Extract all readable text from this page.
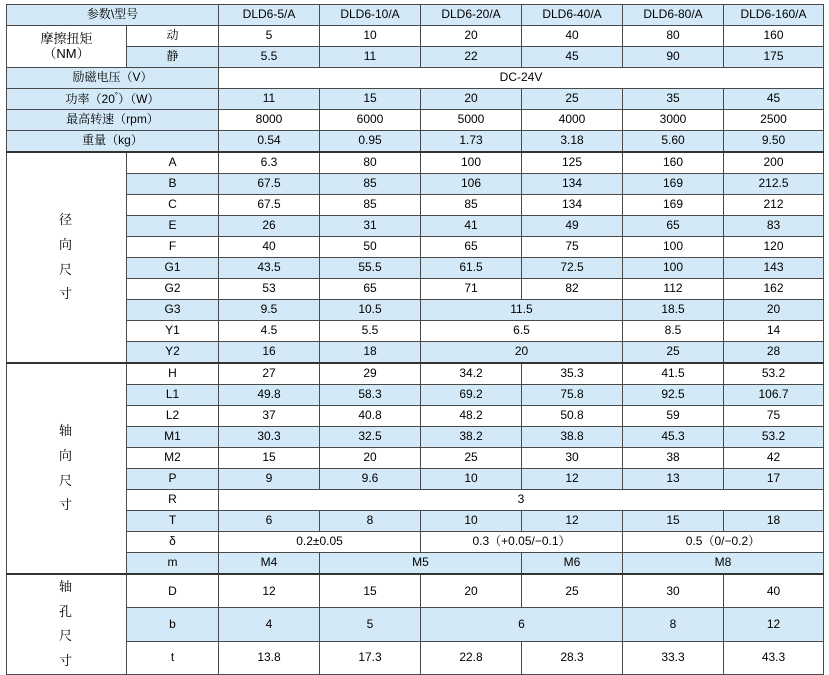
参数\型号		DLD6-5/A	DLD6-10/A	DLD6-20/A	DLD6-40/A	DLD6-80/A	DLD6-160/A
摩擦扭矩
（NM）	动	5	10	20	40	80	160
	静	5.5	11	22	45	90	175
励磁电压（V）		DC-24V					
功率（20°）（W）		11	15	20	25	35	45
最高转速（rpm）		8000	6000	5000	4000	3000	2500
重量（kg）		0.54	0.95	1.73	3.18	5.60	9.50

径
向
尺
寸	A	6.3	80	100	125	160	200
	B	67.5	85	106	134	169	212.5
	C	67.5	85	85	134	169	212
	E	26	31	41	49	65	83
	F	40	50	65	75	100	120
	G1	43.5	55.5	61.5	72.5	100	143
	G2	53	65	71	82	112	162
	G3	9.5	10.5	11.5		18.5	20
	Y1	4.5	5.5	6.5		8.5	14
	Y2	16	18	20		25	28

轴
向
尺
寸	H	27	29	34.2	35.3	41.5	53.2
	L1	49.8	58.3	69.2	75.8	92.5	106.7
	L2	37	40.8	48.2	50.8	59	75
	M1	30.3	32.5	38.2	38.8	45.3	53.2
	M2	15	20	25	30	38	42
	P	9	9.6	10	12	13	17
	R	3					
	T	6	8	10	12	15	18
	δ	0.2±0.05		0.3（+0.05/−0.1）		0.5（0/−0.2）	
	m	M4	M5		M6	M8	

轴
孔
尺
寸	D	12	15	20	25	30	40
	b	4	5	6		8	12
	t	13.8	17.3	22.8	28.3	33.3	43.3
